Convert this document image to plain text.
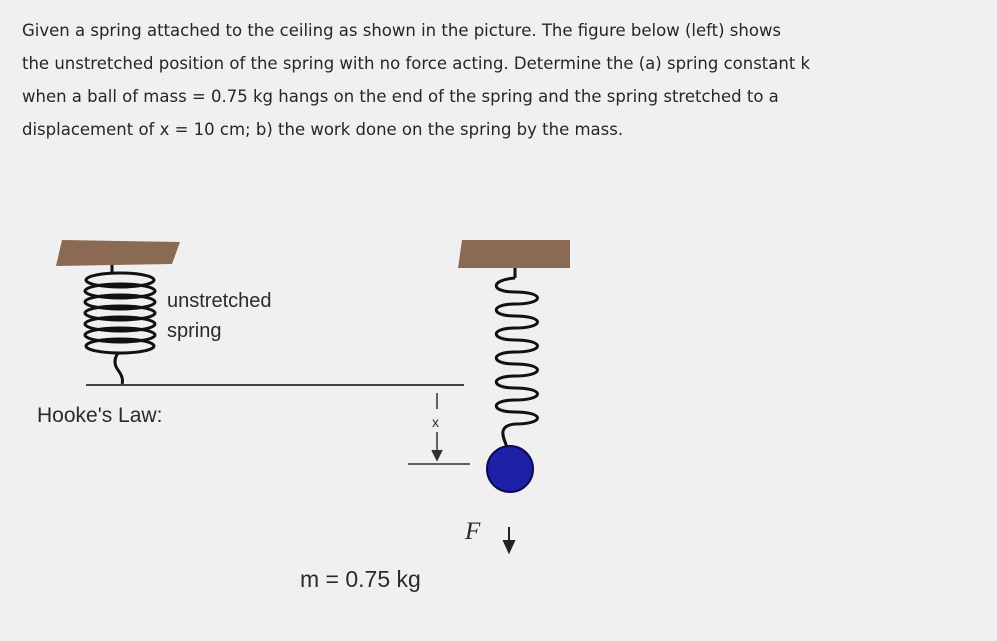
Given a spring attached to the ceiling as shown in the picture. The figure below (left) shows
the unstretched position of the spring with no force acting. Determine the (a) spring constant k
when a ball of mass = 0.75 kg hangs on the end of the spring and the spring stretched to a
displacement of x = 10 cm; b) the work done on the spring by the mass.
unstretched
spring
Hooke's Law:	x
F
m = 0.75 kg
